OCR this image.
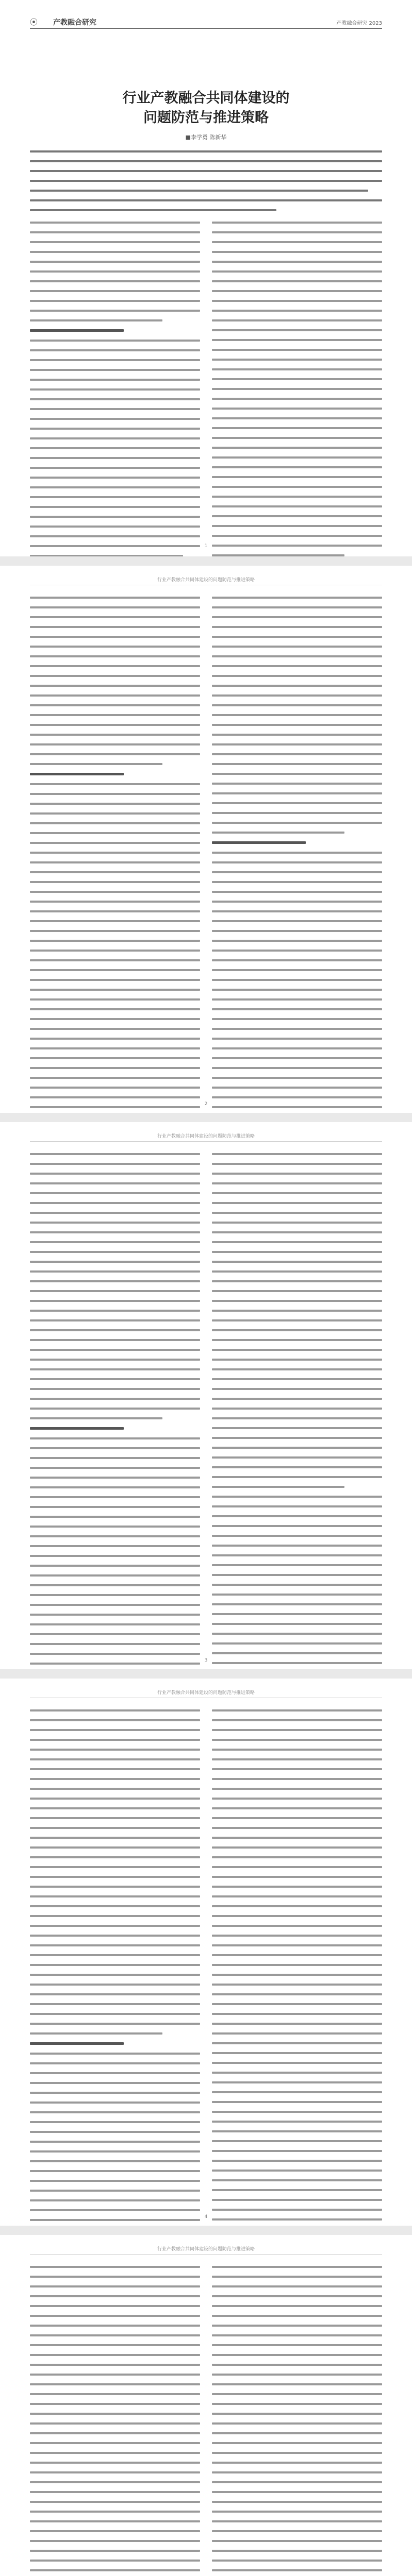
⦿ 产教融合研究	产教融合研究 2023
行业产教融合共同体建设的
问题防范与推进策略
■李学勇 陈新华
1
行业产教融合共同体建设的问题防范与推进策略
2
行业产教融合共同体建设的问题防范与推进策略
3
行业产教融合共同体建设的问题防范与推进策略
4
行业产教融合共同体建设的问题防范与推进策略
